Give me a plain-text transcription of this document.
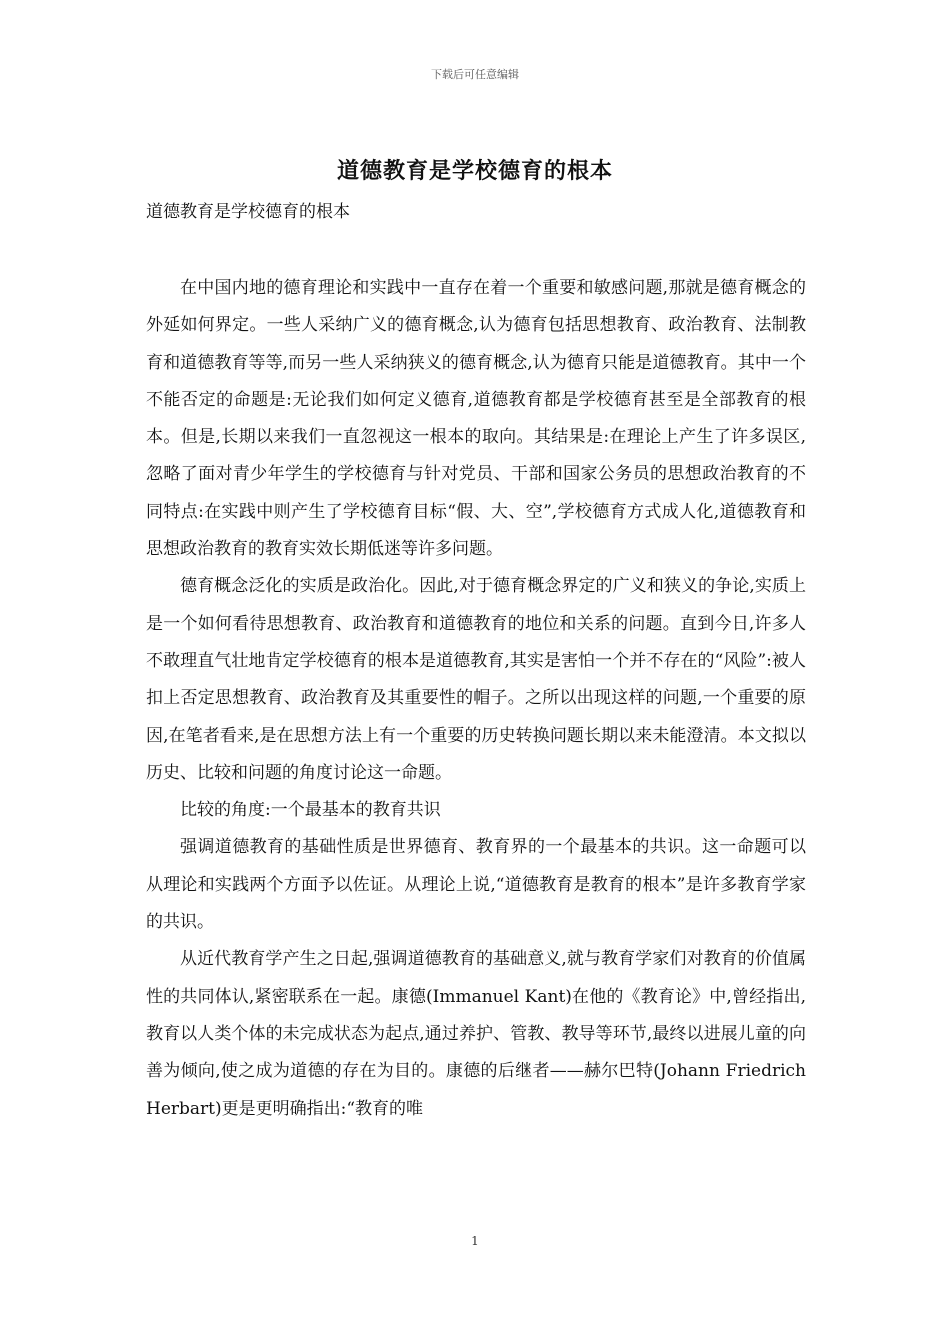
下载后可任意编辑
道德教育是学校德育的根本
道德教育是学校德育的根本

在中国内地的德育理论和实践中一直存在着一个重要和敏感问题,那就是德育概念的外延如何界定。一些人采纳广义的德育概念,认为德育包括思想教育、政治教育、法制教育和道德教育等等,而另一些人采纳狭义的德育概念,认为德育只能是道德教育。其中一个不能否定的命题是:无论我们如何定义德育,道德教育都是学校德育甚至是全部教育的根本。但是,长期以来我们一直忽视这一根本的取向。其结果是:在理论上产生了许多误区,忽略了面对青少年学生的学校德育与针对党员、干部和国家公务员的思想政治教育的不同特点:在实践中则产生了学校德育目标“假、大、空”,学校德育方式成人化,道德教育和思想政治教育的教育实效长期低迷等许多问题。

德育概念泛化的实质是政治化。因此,对于德育概念界定的广义和狭义的争论,实质上是一个如何看待思想教育、政治教育和道德教育的地位和关系的问题。直到今日,许多人不敢理直气壮地肯定学校德育的根本是道德教育,其实是害怕一个并不存在的“风险”:被人扣上否定思想教育、政治教育及其重要性的帽子。之所以出现这样的问题,一个重要的原因,在笔者看来,是在思想方法上有一个重要的历史转换问题长期以来未能澄清。本文拟以历史、比较和问题的角度讨论这一命题。

比较的角度:一个最基本的教育共识

强调道德教育的基础性质是世界德育、教育界的一个最基本的共识。这一命题可以从理论和实践两个方面予以佐证。从理论上说,“道德教育是教育的根本”是许多教育学家的共识。

从近代教育学产生之日起,强调道德教育的基础意义,就与教育学家们对教育的价值属性的共同体认,紧密联系在一起。康德(Immanuel Kant)在他的《教育论》中,曾经指出,教育以人类个体的未完成状态为起点,通过养护、管教、教导等环节,最终以进展儿童的向善为倾向,使之成为道德的存在为目的。康德的后继者——赫尔巴特(Johann Friedrich Herbart)更是更明确指出:“教育的唯

1
